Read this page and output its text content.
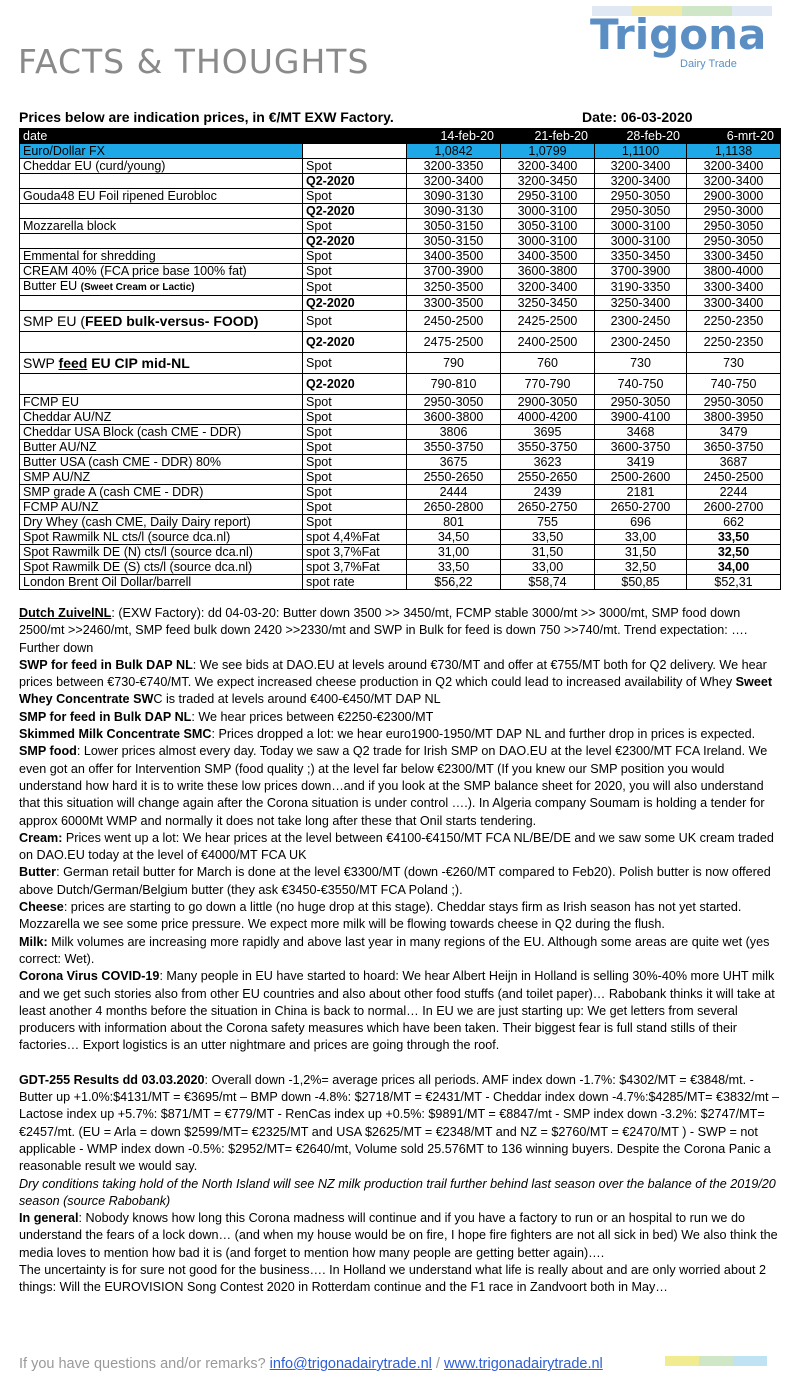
FACTS & THOUGHTS
Trigona
Dairy Trade
Prices below are indication prices, in €/MT EXW Factory.	Date: 06-03-2020
date		14-feb-20	21-feb-20	28-feb-20	6-mrt-20
Euro/Dollar FX		1,0842	1,0799	1,1100	1,1138
Cheddar EU (curd/young)	Spot	3200-3350	3200-3400	3200-3400	3200-3400
	Q2-2020	3200-3400	3200-3450	3200-3400	3200-3400
Gouda48 EU Foil ripened Eurobloc	Spot	3090-3130	2950-3100	2950-3050	2900-3000
	Q2-2020	3090-3130	3000-3100	2950-3050	2950-3000
Mozzarella block	Spot	3050-3150	3050-3100	3000-3100	2950-3050
	Q2-2020	3050-3150	3000-3100	3000-3100	2950-3050
Emmental for shredding	Spot	3400-3500	3400-3500	3350-3450	3300-3450
CREAM 40% (FCA price base 100% fat)	Spot	3700-3900	3600-3800	3700-3900	3800-4000
Butter EU (Sweet Cream or Lactic)	Spot	3250-3500	3200-3400	3190-3350	3300-3400
	Q2-2020	3300-3500	3250-3450	3250-3400	3300-3400
SMP EU (FEED bulk-versus- FOOD)	Spot	2450-2500	2425-2500	2300-2450	2250-2350
	Q2-2020	2475-2500	2400-2500	2300-2450	2250-2350
SWP feed EU CIP mid-NL	Spot	790	760	730	730
	Q2-2020	790-810	770-790	740-750	740-750
FCMP EU	Spot	2950-3050	2900-3050	2950-3050	2950-3050
Cheddar AU/NZ	Spot	3600-3800	4000-4200	3900-4100	3800-3950
Cheddar USA Block (cash CME - DDR)	Spot	3806	3695	3468	3479
Butter AU/NZ	Spot	3550-3750	3550-3750	3600-3750	3650-3750
Butter USA (cash CME - DDR) 80%	Spot	3675	3623	3419	3687
SMP AU/NZ	Spot	2550-2650	2550-2650	2500-2600	2450-2500
SMP grade A (cash CME - DDR)	Spot	2444	2439	2181	2244
FCMP AU/NZ	Spot	2650-2800	2650-2750	2650-2700	2600-2700
Dry Whey (cash CME, Daily Dairy report)	Spot	801	755	696	662
Spot Rawmilk NL cts/l (source dca.nl)	spot 4,4%Fat	34,50	33,50	33,00	33,50
Spot Rawmilk DE (N) cts/l (source dca.nl)	spot 3,7%Fat	31,00	31,50	31,50	32,50
Spot Rawmilk DE (S) cts/l (source dca.nl)	spot 3,7%Fat	33,50	33,00	32,50	34,00
London Brent Oil Dollar/barrell	spot rate	$56,22	$58,74	$50,85	$52,31

Dutch ZuivelNL: (EXW Factory): dd 04-03-20: Butter down 3500 >> 3450/mt, FCMP stable 3000/mt >> 3000/mt, SMP food down 2500/mt >>2460/mt, SMP feed bulk down 2420 >>2330/mt and SWP in Bulk for feed is down 750 >>740/mt. Trend expectation: …. Further down

SWP for feed in Bulk DAP NL: We see bids at DAO.EU at levels around €730/MT and offer at €755/MT both for Q2 delivery. We hear prices between €730-€740/MT. We expect increased cheese production in Q2 which could lead to increased availability of Whey Sweet Whey Concentrate SWC is traded at levels around €400-€450/MT DAP NL

SMP for feed in Bulk DAP NL: We hear prices between €2250-€2300/MT

Skimmed Milk Concentrate SMC: Prices dropped a lot: we hear euro1900-1950/MT DAP NL and further drop in prices is expected.

SMP food: Lower prices almost every day. Today we saw a Q2 trade for Irish SMP on DAO.EU at the level €2300/MT FCA Ireland. We even got an offer for Intervention SMP (food quality ;) at the level far below €2300/MT (If you knew our SMP position you would understand how hard it is to write these low prices down…and if you look at the SMP balance sheet for 2020, you will also understand that this situation will change again after the Corona situation is under control ….). In Algeria company Soumam is holding a tender for approx 6000Mt WMP and normally it does not take long after these that Onil starts tendering.

Cream: Prices went up a lot: We hear prices at the level between €4100-€4150/MT FCA NL/BE/DE and we saw some UK cream traded on DAO.EU today at the level of €4000/MT FCA UK

Butter: German retail butter for March is done at the level €3300/MT (down -€260/MT compared to Feb20). Polish butter is now offered above Dutch/German/Belgium butter (they ask €3450-€3550/MT FCA Poland ;).

Cheese: prices are starting to go down a little (no huge drop at this stage). Cheddar stays firm as Irish season has not yet started. Mozzarella we see some price pressure. We expect more milk will be flowing towards cheese in Q2 during the flush.

Milk: Milk volumes are increasing more rapidly and above last year in many regions of the EU. Although some areas are quite wet (yes correct: Wet).

Corona Virus COVID-19: Many people in EU have started to hoard: We hear Albert Heijn in Holland is selling 30%-40% more UHT milk and we get such stories also from other EU countries and also about other food stuffs (and toilet paper)… Rabobank thinks it will take at least another 4 months before the situation in China is back to normal… In EU we are just starting up: We get letters from several producers with information about the Corona safety measures which have been taken. Their biggest fear is full stand stills of their factories… Export logistics is an utter nightmare and prices are going through the roof.

GDT-255 Results dd 03.03.2020: Overall down -1,2%= average prices all periods. AMF index down -1.7%: $4302/MT = €3848/mt. - Butter up +1.0%:$4131/MT = €3695/mt – BMP down -4.8%: $2718/MT = €2431/MT - Cheddar index down -4.7%:$4285/MT= €3832/mt – Lactose index up +5.7%: $871/MT = €779/MT - RenCas index up +0.5%: $9891/MT = €8847/mt - SMP index down -3.2%: $2747/MT= €2457/mt. (EU = Arla = down $2599/MT= €2325/MT and USA $2625/MT = €2348/MT and NZ = $2760/MT = €2470/MT ) - SWP = not applicable - WMP index down -0.5%: $2952/MT= €2640/mt, Volume sold 25.576MT to 136 winning buyers. Despite the Corona Panic a reasonable result we would say.

Dry conditions taking hold of the North Island will see NZ milk production trail further behind last season over the balance of the 2019/20 season (source Rabobank)

In general: Nobody knows how long this Corona madness will continue and if you have a factory to run or an hospital to run we do understand the fears of a lock down… (and when my house would be on fire, I hope fire fighters are not all sick in bed) We also think the media loves to mention how bad it is (and forget to mention how many people are getting better again)….

The uncertainty is for sure not good for the business…. In Holland we understand what life is really about and are only worried about 2 things: Will the EUROVISION Song Contest 2020 in Rotterdam continue and the F1 race in Zandvoort both in May…

If you have questions and/or remarks? info@trigonadairytrade.nl / www.trigonadairytrade.nl
